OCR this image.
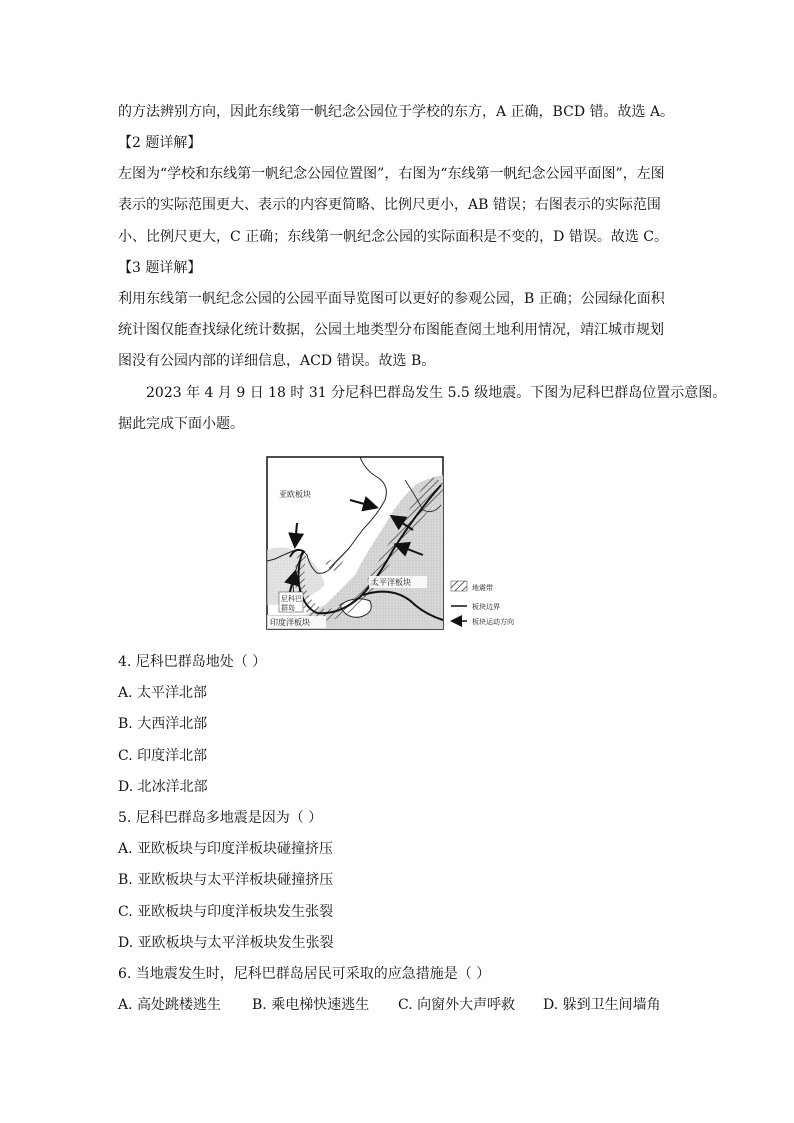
的方法辨别方向，因此东线第一帆纪念公园位于学校的东方，A 正确，BCD 错。故选 A。
【2 题详解】
左图为“学校和东线第一帆纪念公园位置图”，右图为“东线第一帆纪念公园平面图”，左图
表示的实际范围更大、表示的内容更简略、比例尺更小，AB 错误；右图表示的实际范围
小、比例尺更大，C 正确；东线第一帆纪念公园的实际面积是不变的，D 错误。故选 C。
【3 题详解】
利用东线第一帆纪念公园的公园平面导览图可以更好的参观公园，B 正确；公园绿化面积
统计图仅能查找绿化统计数据，公园土地类型分布图能查阅土地利用情况，靖江城市规划
图没有公园内部的详细信息，ACD 错误。故选 B。
2023 年 4 月 9 日 18 时 31 分尼科巴群岛发生 5.5 级地震。下图为尼科巴群岛位置示意图。
据此完成下面小题。
亚欧板块
太平洋板块
印度洋板块
尼科巴
群岛
地震带
板块边界
板块运动方向
4. 尼科巴群岛地处（ ）
A. 太平洋北部
B. 大西洋北部
C. 印度洋北部
D. 北冰洋北部
5. 尼科巴群岛多地震是因为（ ）
A. 亚欧板块与印度洋板块碰撞挤压
B. 亚欧板块与太平洋板块碰撞挤压
C. 亚欧板块与印度洋板块发生张裂
D. 亚欧板块与太平洋板块发生张裂
6. 当地震发生时，尼科巴群岛居民可采取的应急措施是（ ）
A. 高处跳楼逃生 B. 乘电梯快速逃生 C. 向窗外大声呼救 D. 躲到卫生间墙角
